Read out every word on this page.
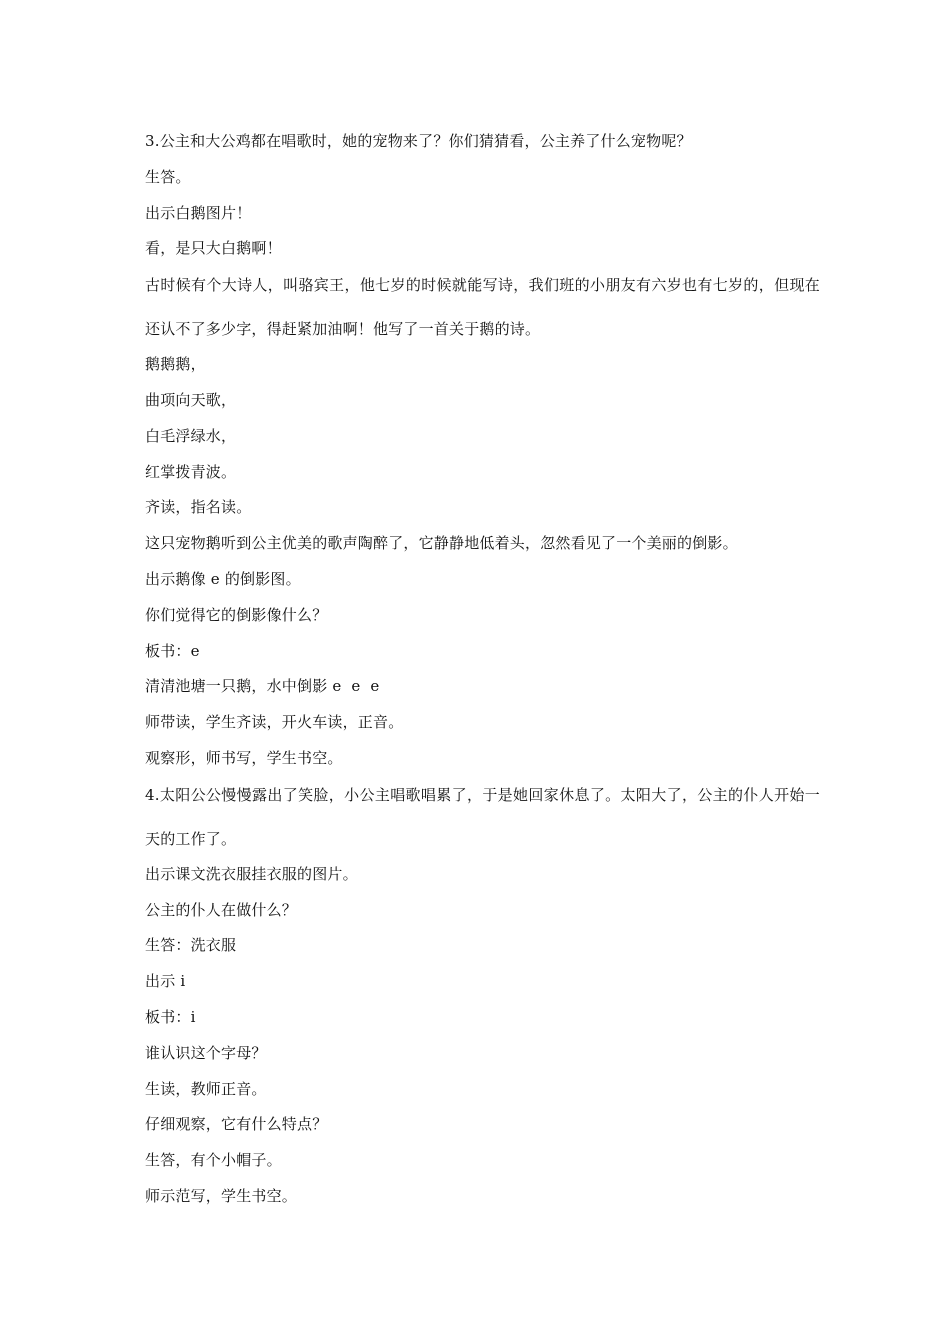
3.公主和大公鸡都在唱歌时，她的宠物来了？你们猜猜看，公主养了什么宠物呢？

生答。

出示白鹅图片！

看，是只大白鹅啊！

古时候有个大诗人，叫骆宾王，他七岁的时候就能写诗，我们班的小朋友有六岁也有七岁的，但现在还认不了多少字，得赶紧加油啊！他写了一首关于鹅的诗。

鹅鹅鹅，

曲项向天歌，

白毛浮绿水，

红掌拨青波。

齐读，指名读。

这只宠物鹅听到公主优美的歌声陶醉了，它静静地低着头，忽然看见了一个美丽的倒影。

出示鹅像 e 的倒影图。

你们觉得它的倒影像什么？

板书：e

清清池塘一只鹅，水中倒影 e  e  e

师带读，学生齐读，开火车读，正音。

观察形，师书写，学生书空。

4.太阳公公慢慢露出了笑脸，小公主唱歌唱累了，于是她回家休息了。太阳大了，公主的仆人开始一天的工作了。

出示课文洗衣服挂衣服的图片。

公主的仆人在做什么？

生答：洗衣服

出示 i

板书：i

谁认识这个字母？

生读，教师正音。

仔细观察，它有什么特点？

生答，有个小帽子。

师示范写，学生书空。
